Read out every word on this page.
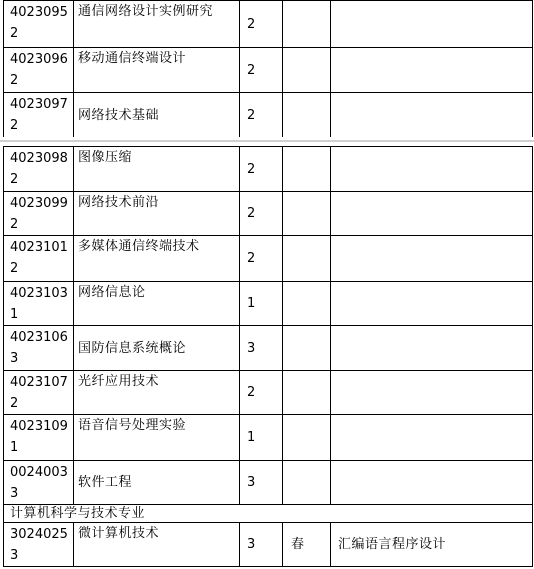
40230952	通信网络设计实例研究	2		
40230962	移动通信终端设计	2		
40230972	网络技术基础	2		
40230982	图像压缩	2		
40230992	网络技术前沿	2		
40231012	多媒体通信终端技术	2		
40231031	网络信息论	1		
40231063	国防信息系统概论	3		
40231072	光纤应用技术	2		
40231091	语音信号处理实验	1		
00240033	软件工程	3		
计算机科学与技术专业				
30240253	微计算机技术	3	春	汇编语言程序设计
